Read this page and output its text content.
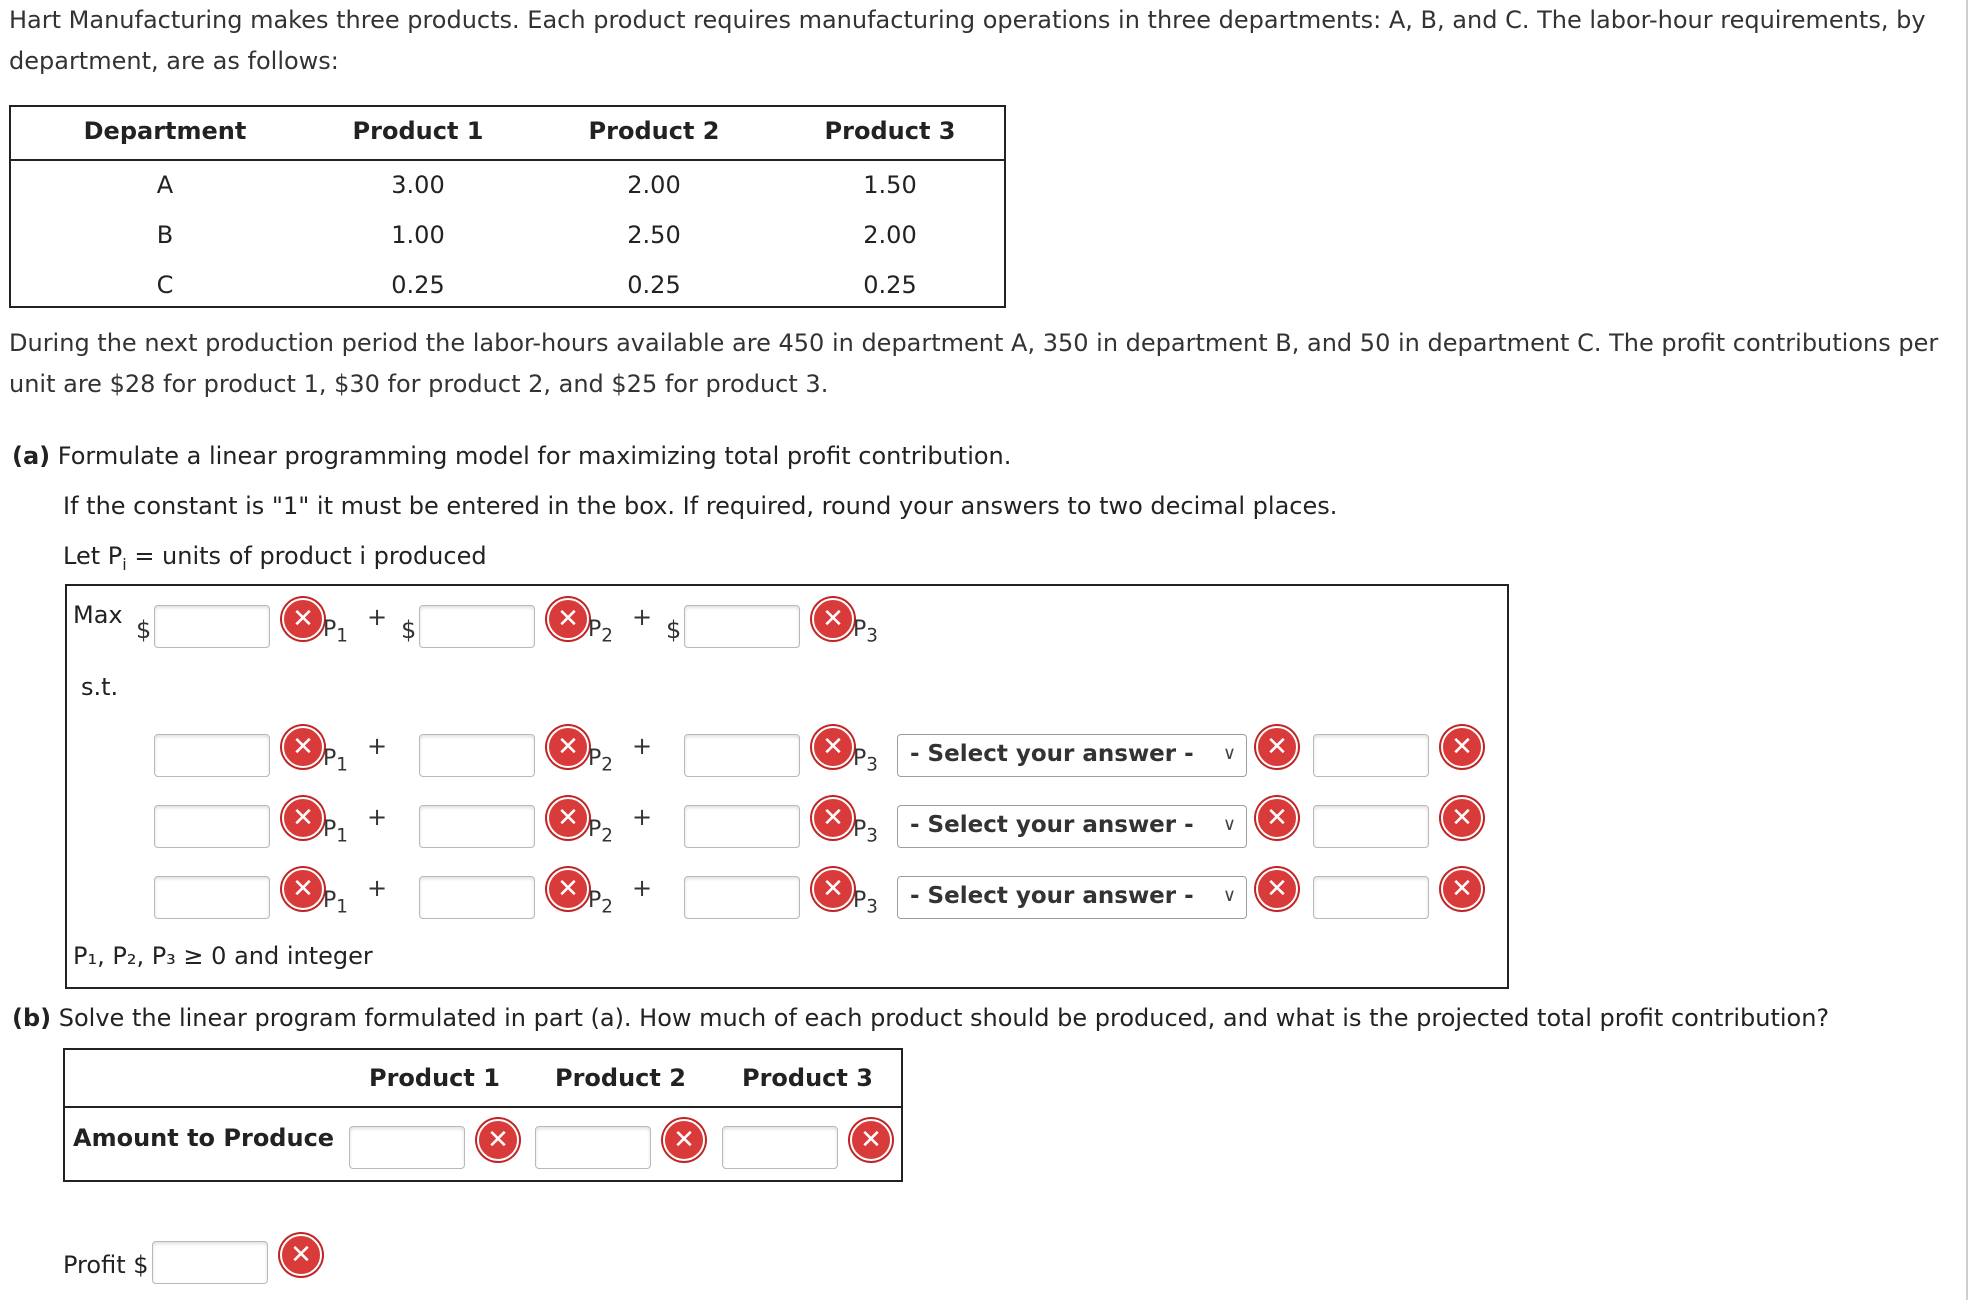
Hart Manufacturing makes three products. Each product requires manufacturing operations in three departments: A, B, and C. The labor-hour requirements, by department, are as follows:

Department	Product 1	Product 2	Product 3
A	3.00	2.00	1.50
B	1.00	2.50	2.00
C	0.25	0.25	0.25

During the next production period the labor-hours available are 450 in department A, 350 in department B, and 50 in department C. The profit contributions per unit are $28 for product 1, $30 for product 2, and $25 for product 3.

(a) Formulate a linear programming model for maximizing total profit contribution.
If the constant is "1" it must be entered in the box. If required, round your answers to two decimal places.
Let $P_i$ = units of product i produced
Max
$	✕ $P_1$
+ $	✕ $P_2$
+ $	✕ $P_3$
s.t.
✕ $P_1$
+	✕ $P_2$
+	✕ $P_3$	- Select your answer - ∨	✕	✕
✕ $P_1$
+	✕ $P_2$
+	✕ $P_3$	- Select your answer - ∨	✕	✕
✕ $P_1$
+	✕ $P_2$
+	✕ $P_3$	- Select your answer - ∨	✕	✕
P₁, P₂, P₃ ≥ 0 and integer
(b) Solve the linear program formulated in part (a). How much of each product should be produced, and what is the projected total profit contribution?
Product 1 Product 2 Product 3
Amount to Produce	✕	✕	✕
Profit $	✕
